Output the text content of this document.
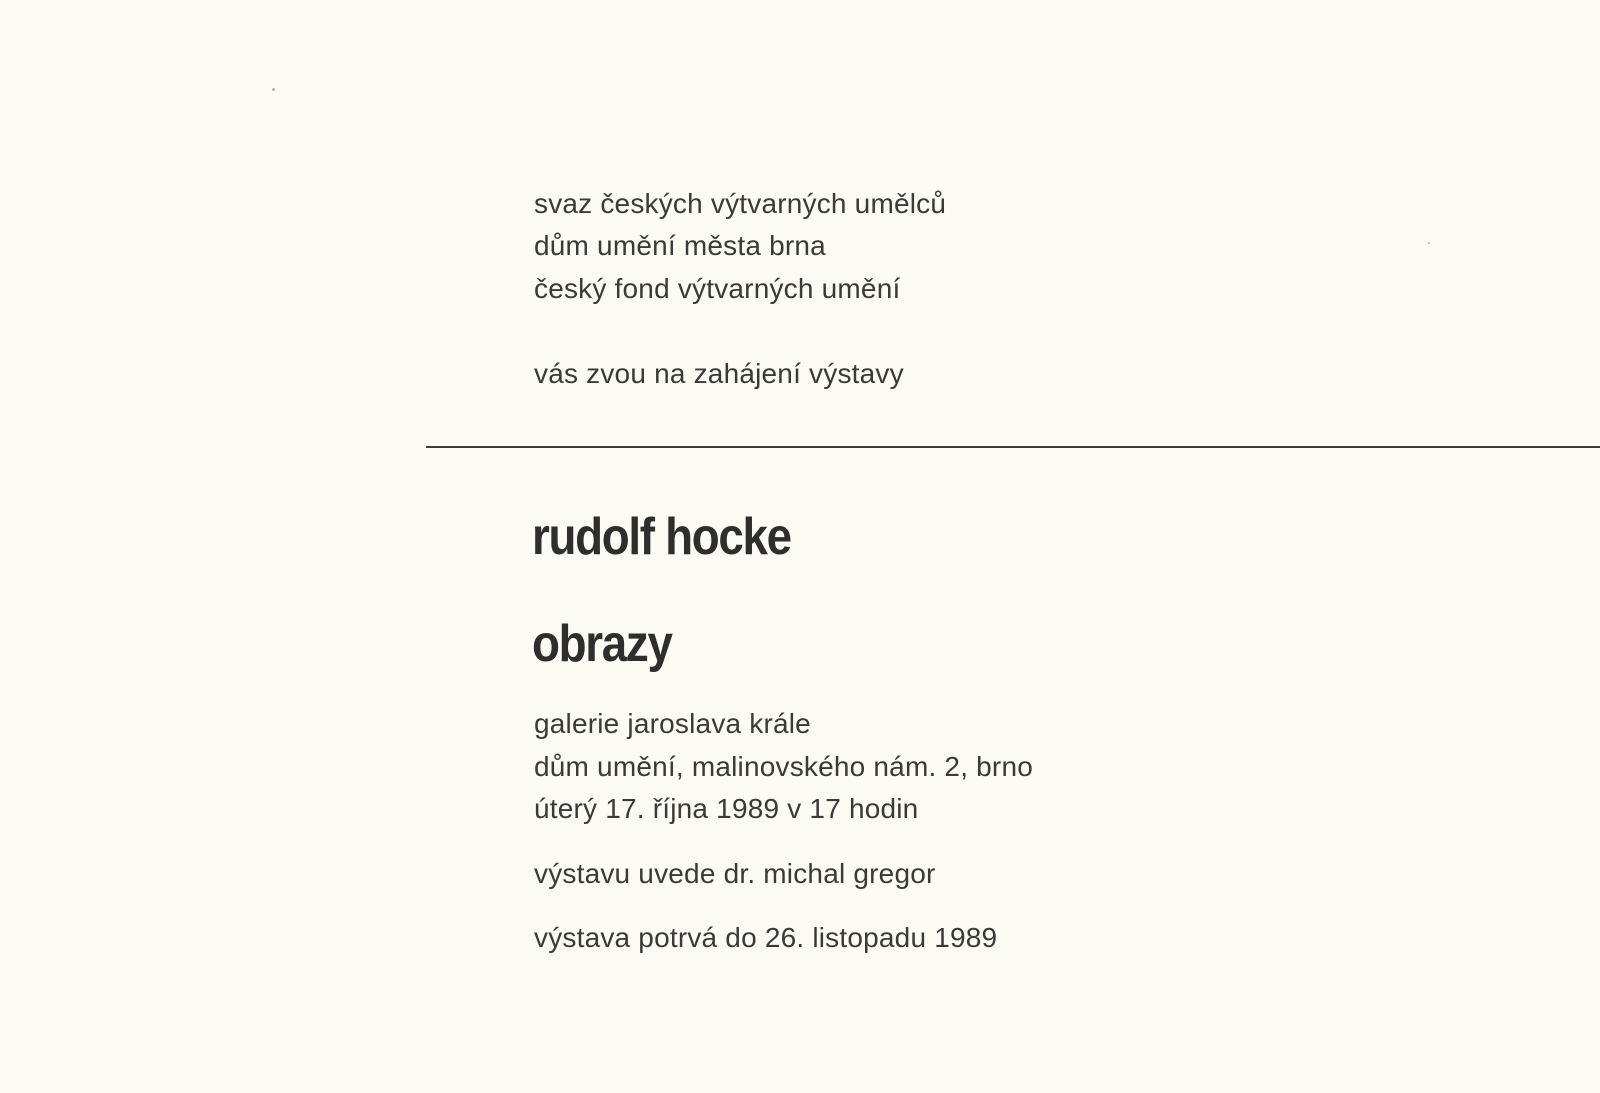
svaz českých výtvarných umělců
dům umění města brna
český fond výtvarných umění
vás zvou na zahájení výstavy
rudolf hocke
obrazy
galerie jaroslava krále
dům umění, malinovského nám. 2, brno
úterý 17. října 1989 v 17 hodin
výstavu uvede dr. michal gregor
výstava potrvá do 26. listopadu 1989
